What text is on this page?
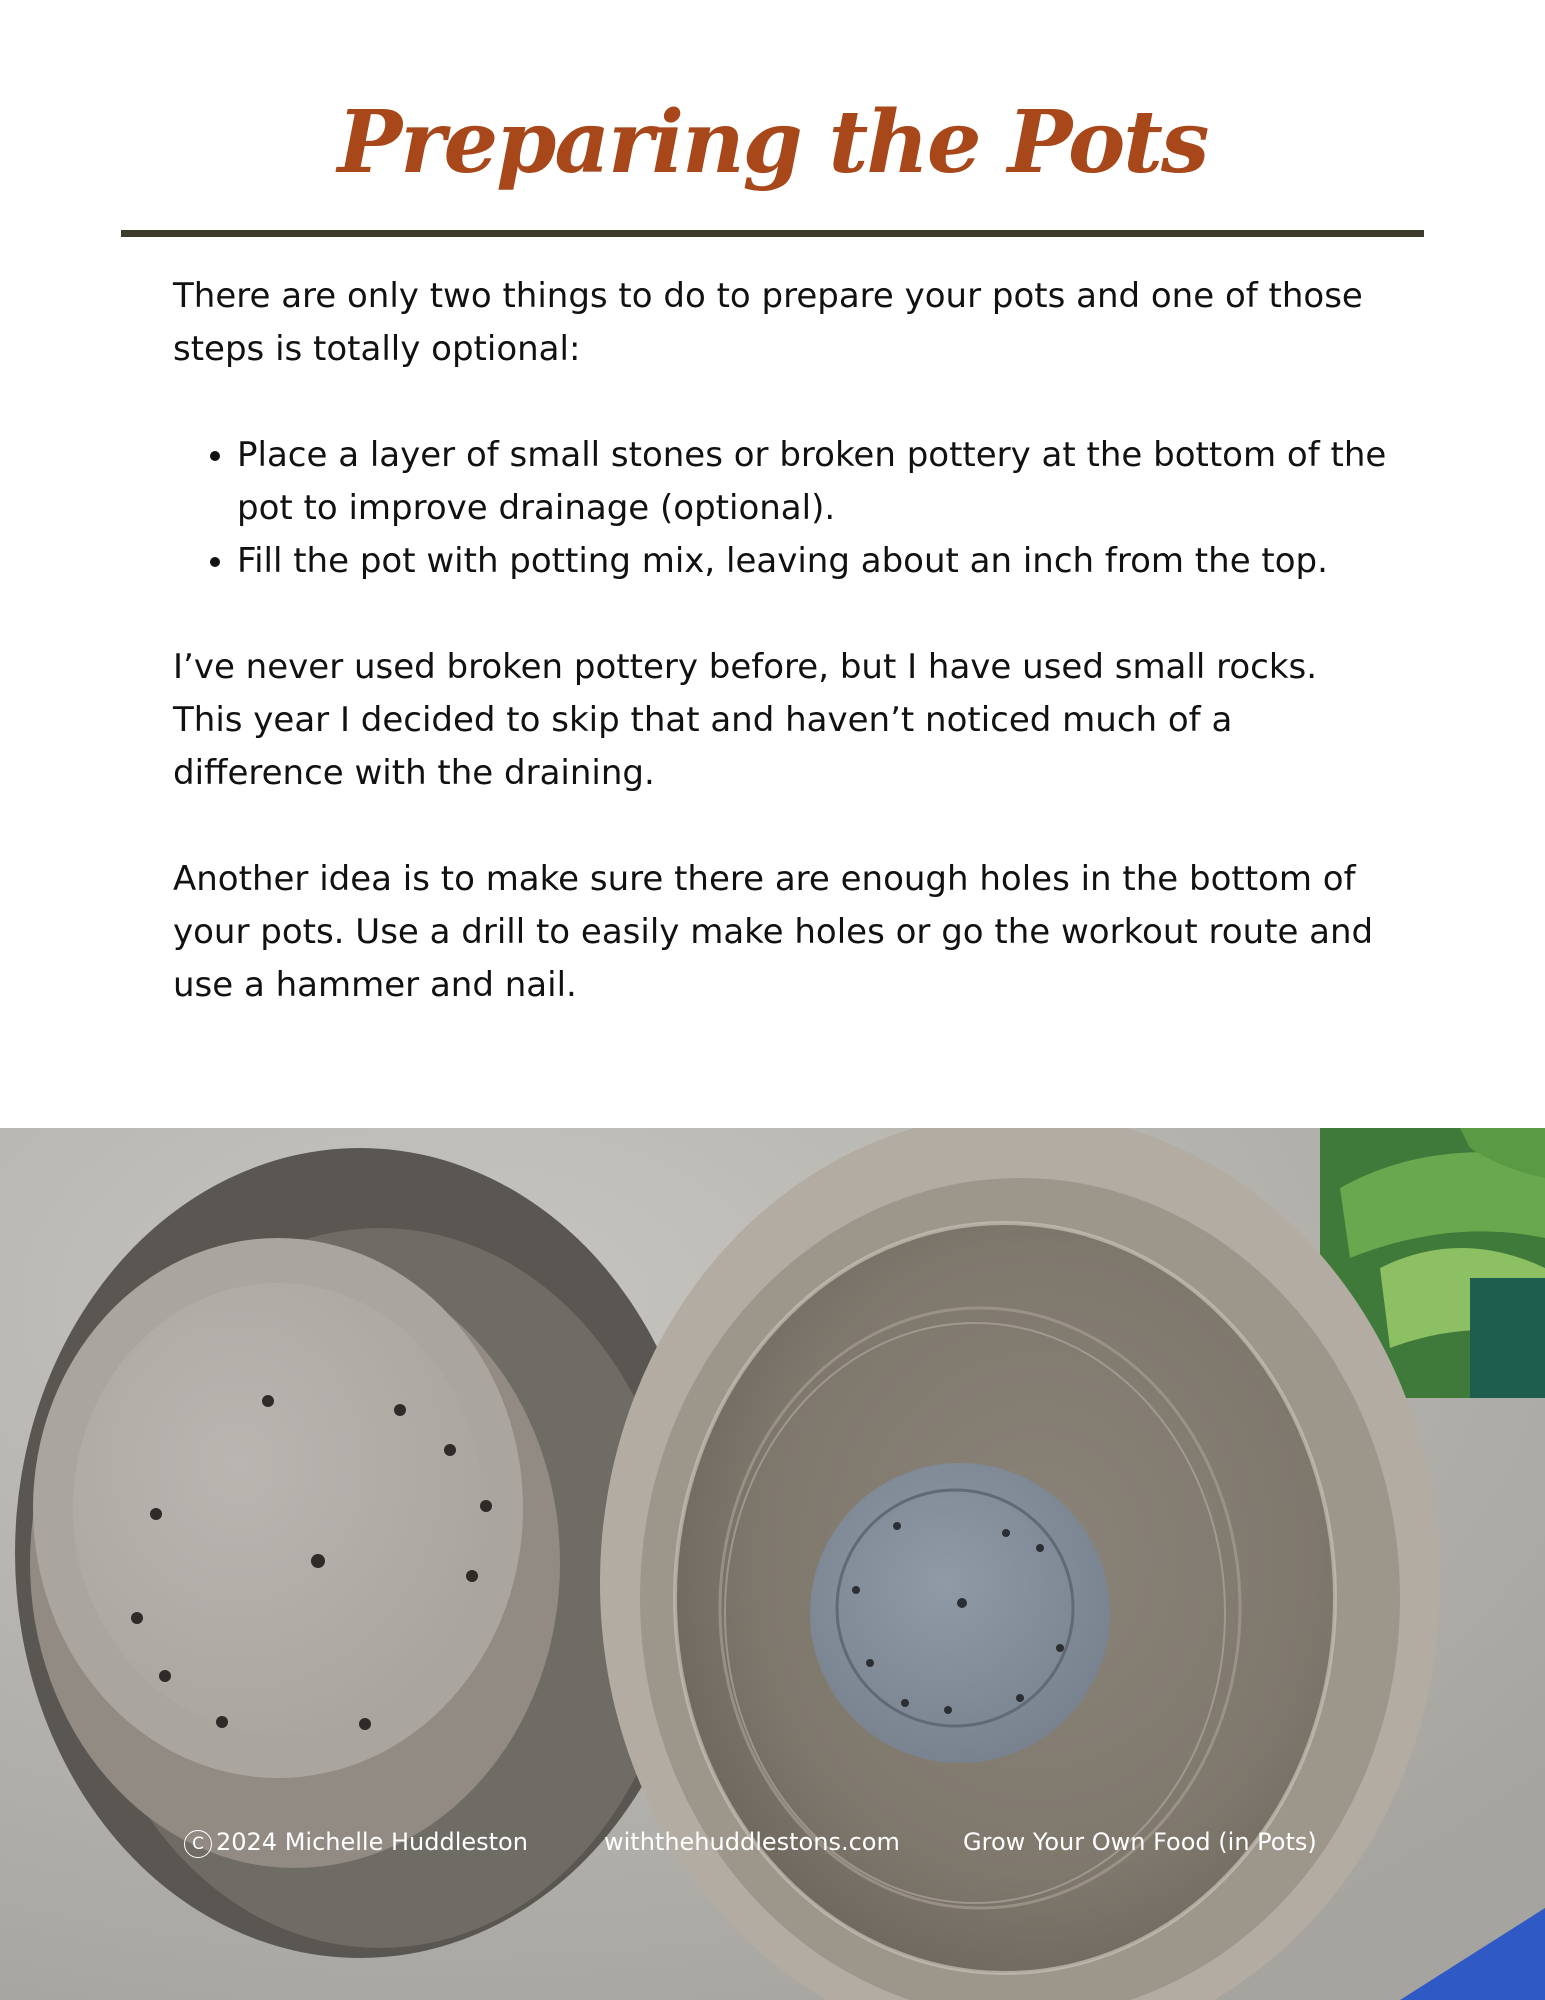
Preparing the Pots

There are only two things to do to prepare your pots and one of those steps is totally optional:

• Place a layer of small stones or broken pottery at the bottom of the pot to improve drainage (optional).
• Fill the pot with potting mix, leaving about an inch from the top.

I’ve never used broken pottery before, but I have used small rocks. This year I decided to skip that and haven’t noticed much of a difference with the draining.

Another idea is to make sure there are enough holes in the bottom of your pots. Use a drill to easily make holes or go the workout route and use a hammer and nail.

C 2024 Michelle Huddleston	withthehuddlestons.com	Grow Your Own Food (in Pots)
